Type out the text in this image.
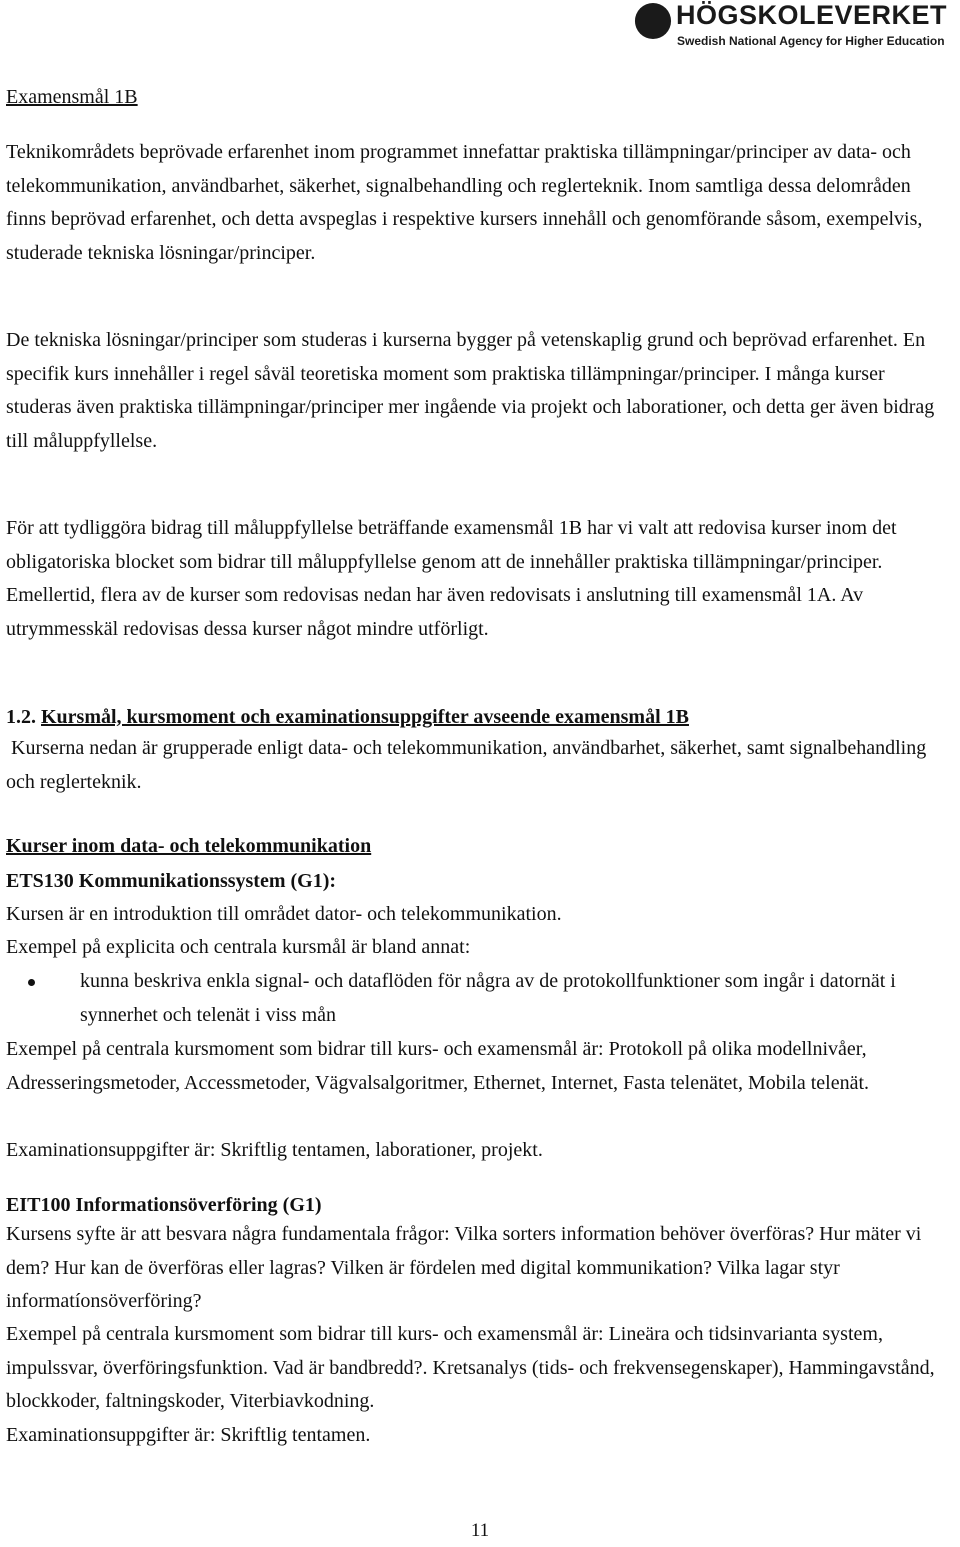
HÖGSKOLEVERKET
Swedish National Agency for Higher Education

Examensmål 1B

Teknikområdets beprövade erfarenhet inom programmet innefattar praktiska tillämpningar/principer av data- och telekommunikation, användbarhet, säkerhet, signalbehandling och reglerteknik. Inom samtliga dessa delområden finns beprövad erfarenhet, och detta avspeglas i respektive kursers innehåll och genomförande såsom, exempelvis, studerade tekniska lösningar/principer.

De tekniska lösningar/principer som studeras i kurserna bygger på vetenskaplig grund och beprövad erfarenhet. En specifik kurs innehåller i regel såväl teoretiska moment som praktiska tillämpningar/principer. I många kurser studeras även praktiska tillämpningar/principer mer ingående via projekt och laborationer, och detta ger även bidrag till måluppfyllelse.

För att tydliggöra bidrag till måluppfyllelse beträffande examensmål 1B har vi valt att redovisa kurser inom det obligatoriska blocket som bidrar till måluppfyllelse genom att de innehåller praktiska tillämpningar/principer. Emellertid, flera av de kurser som redovisas nedan har även redovisats i anslutning till examensmål 1A. Av utrymmesskäl redovisas dessa kurser något mindre utförligt.

1.2. Kursmål, kursmoment och examinationsuppgifter avseende examensmål 1B

Kurserna nedan är grupperade enligt data- och telekommunikation, användbarhet, säkerhet, samt signalbehandling och reglerteknik.

Kurser inom data- och telekommunikation

ETS130 Kommunikationssystem (G1):

Kursen är en introduktion till området dator- och telekommunikation.

Exempel på explicita och centrala kursmål är bland annat:

kunna beskriva enkla signal- och dataflöden för några av de protokollfunktioner som ingår i datornät i synnerhet och telenät i viss mån

Exempel på centrala kursmoment som bidrar till kurs- och examensmål är: Protokoll på olika modellnivåer, Adresseringsmetoder, Accessmetoder, Vägvalsalgoritmer, Ethernet, Internet, Fasta telenätet, Mobila telenät.

Examinationsuppgifter är: Skriftlig tentamen, laborationer, projekt.

EIT100 Informationsöverföring (G1)

Kursens syfte är att besvara några fundamentala frågor: Vilka sorters information behöver överföras? Hur mäter vi dem? Hur kan de överföras eller lagras? Vilken är fördelen med digital kommunikation? Vilka lagar styr informatíonsöverföring?

Exempel på centrala kursmoment som bidrar till kurs- och examensmål är: Lineära och tidsinvarianta system, impulssvar, överföringsfunktion. Vad är bandbredd?. Kretsanalys (tids- och frekvensegenskaper), Hammingavstånd, blockkoder, faltningskoder, Viterbiavkodning.

Examinationsuppgifter är: Skriftlig tentamen.

11
